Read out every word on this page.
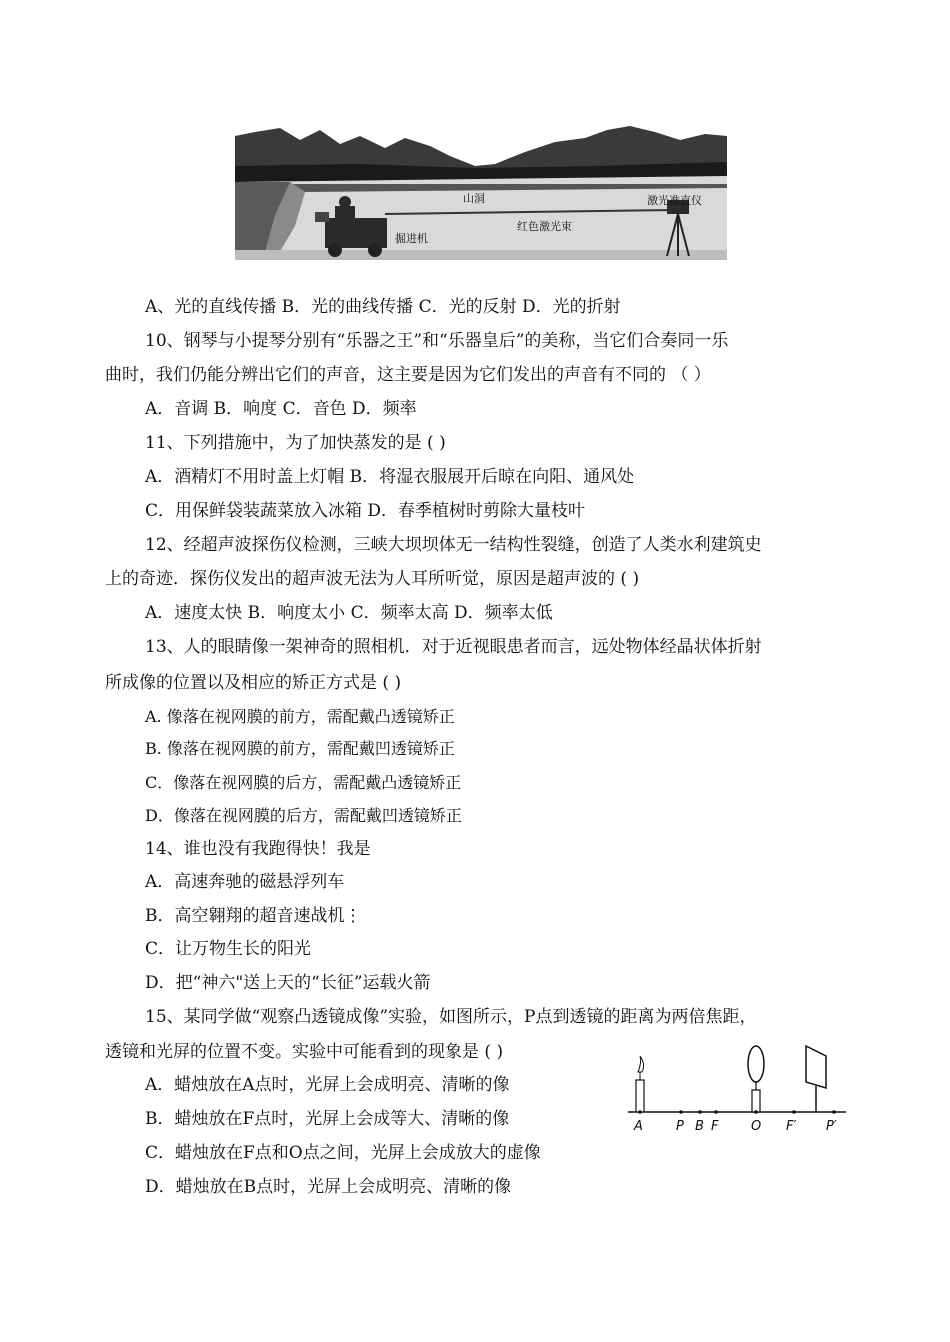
山洞	激光准直仪
掘进机
红色激光束
A、光的直线传播 B．光的曲线传播 C．光的反射 D．光的折射
10、钢琴与小提琴分别有“乐器之王”和“乐器皇后”的美称，当它们合奏同一乐
曲时，我们仍能分辨出它们的声音，这主要是因为它们发出的声音有不同的 （ ）
A．音调 B．响度 C．音色 D．频率
11、下列措施中，为了加快蒸发的是 ( )
A．酒精灯不用时盖上灯帽 B．将湿衣服展开后晾在向阳、通风处
C．用保鲜袋装蔬菜放入冰箱 D．春季植树时剪除大量枝叶
12、经超声波探伤仪检测，三峡大坝坝体无一结构性裂缝，创造了人类水利建筑史
上的奇迹．探伤仪发出的超声波无法为人耳所听觉，原因是超声波的 ( )
A．速度太快 B．响度太小 C．频率太高 D．频率太低
13、人的眼睛像一架神奇的照相机．对于近视眼患者而言，远处物体经晶状体折射
所成像的位置以及相应的矫正方式是 ( )
A. 像落在视网膜的前方，需配戴凸透镜矫正
B. 像落在视网膜的前方，需配戴凹透镜矫正
C．像落在视网膜的后方，需配戴凸透镜矫正
D．像落在视网膜的后方，需配戴凹透镜矫正
14、谁也没有我跑得快！我是
A．高速奔驰的磁悬浮列车
B．高空翱翔的超音速战机⋮
C．让万物生长的阳光
D．把“神六"送上天的“长征”运载火箭
15、某同学做“观察凸透镜成像”实验，如图所示，P点到透镜的距离为两倍焦距，
透镜和光屏的位置不变。实验中可能看到的现象是 ( )
A．蜡烛放在A点时，光屏上会成明亮、清晰的像
B．蜡烛放在F点时，光屏上会成等大、清晰的像
C．蜡烛放在F点和O点之间，光屏上会成放大的虚像
D．蜡烛放在B点时，光屏上会成明亮、清晰的像
A	P B F	O F′ P′
